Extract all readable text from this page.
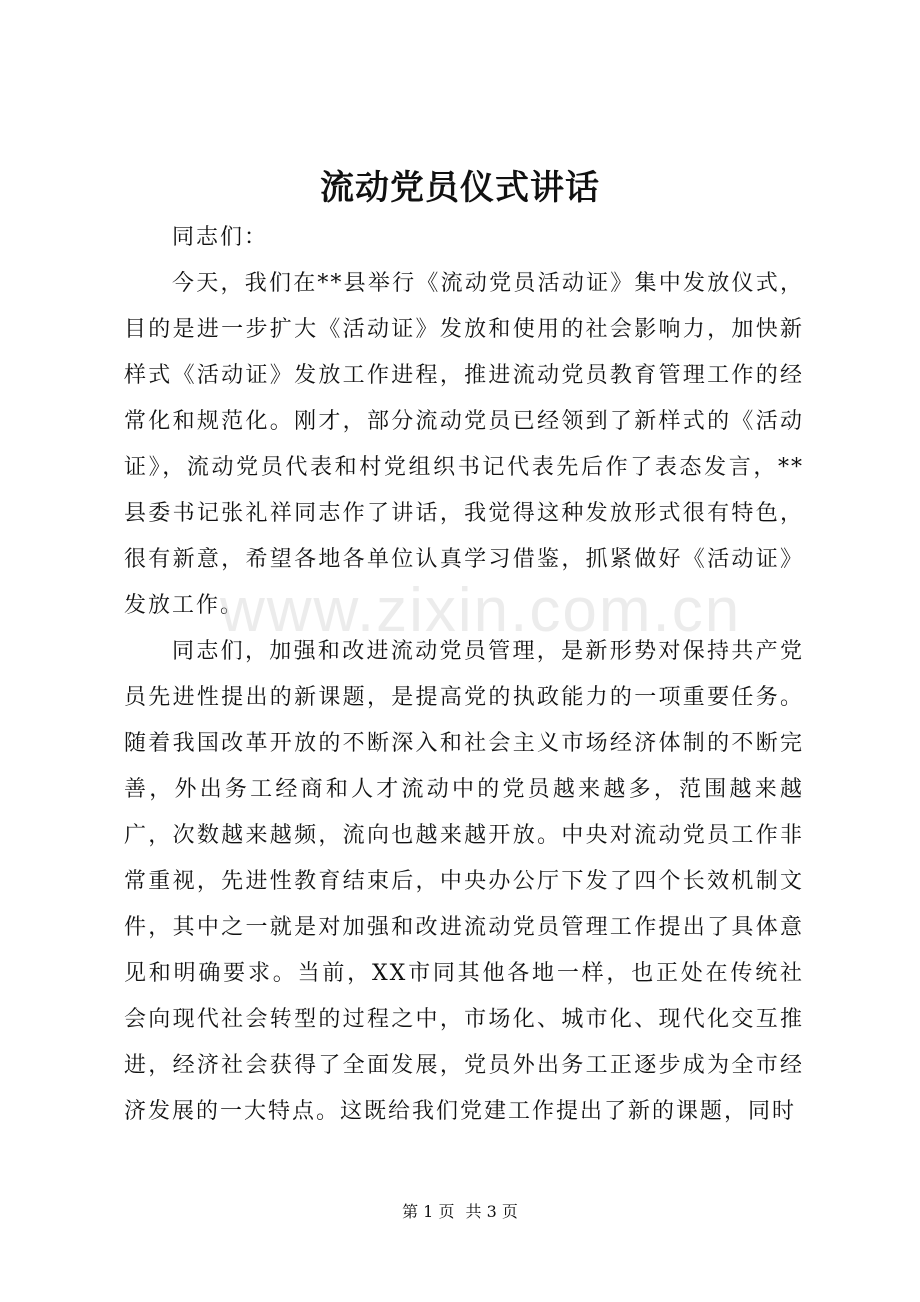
流动党员仪式讲话

同志们：

今天，我们在**县举行《流动党员活动证》集中发放仪式，目的是进一步扩大《活动证》发放和使用的社会影响力，加快新样式《活动证》发放工作进程，推进流动党员教育管理工作的经常化和规范化。刚才，部分流动党员已经领到了新样式的《活动证》，流动党员代表和村党组织书记代表先后作了表态发言，**县委书记张礼祥同志作了讲话，我觉得这种发放形式很有特色，很有新意，希望各地各单位认真学习借鉴，抓紧做好《活动证》发放工作。

同志们，加强和改进流动党员管理，是新形势对保持共产党员先进性提出的新课题，是提高党的执政能力的一项重要任务。随着我国改革开放的不断深入和社会主义市场经济体制的不断完善，外出务工经商和人才流动中的党员越来越多，范围越来越广，次数越来越频，流向也越来越开放。中央对流动党员工作非常重视，先进性教育结束后，中央办公厅下发了四个长效机制文件，其中之一就是对加强和改进流动党员管理工作提出了具体意见和明确要求。当前，XX市同其他各地一样，也正处在传统社会向现代社会转型的过程之中，市场化、城市化、现代化交互推进，经济社会获得了全面发展，党员外出务工正逐步成为全市经济发展的一大特点。这既给我们党建工作提出了新的课题，同时

www.zixin.com.cn
第 1 页 共 3 页
